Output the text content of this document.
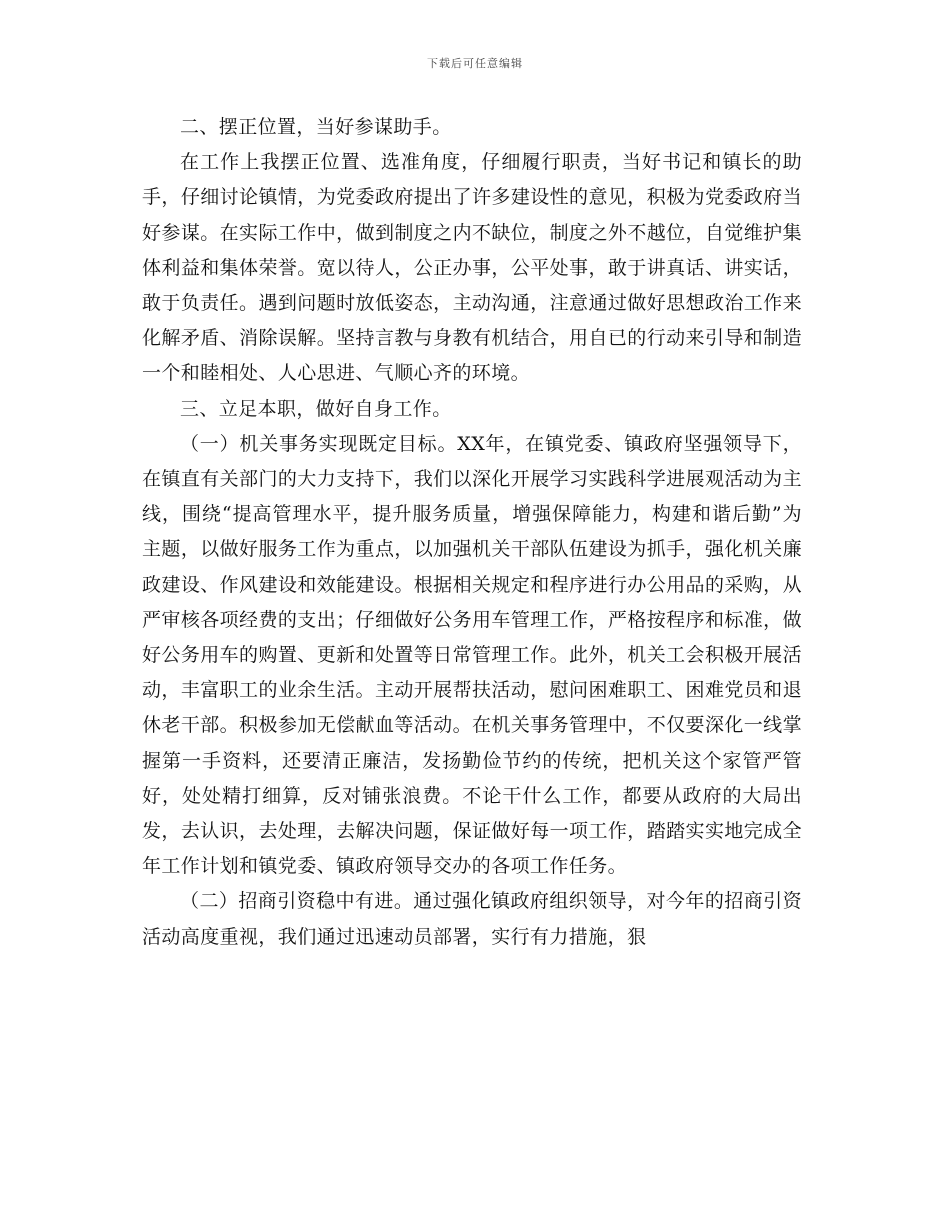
下载后可任意编辑

二、摆正位置，当好参谋助手。

在工作上我摆正位置、选准角度，仔细履行职责，当好书记和镇长的助手，仔细讨论镇情，为党委政府提出了许多建设性的意见，积极为党委政府当好参谋。在实际工作中，做到制度之内不缺位，制度之外不越位，自觉维护集体利益和集体荣誉。宽以待人，公正办事，公平处事，敢于讲真话、讲实话，敢于负责任。遇到问题时放低姿态，主动沟通，注意通过做好思想政治工作来化解矛盾、消除误解。坚持言教与身教有机结合，用自已的行动来引导和制造一个和睦相处、人心思进、气顺心齐的环境。

三、立足本职，做好自身工作。

（一）机关事务实现既定目标。XX年，在镇党委、镇政府坚强领导下，在镇直有关部门的大力支持下，我们以深化开展学习实践科学进展观活动为主线，围绕“提高管理水平，提升服务质量，增强保障能力，构建和谐后勤”为主题，以做好服务工作为重点，以加强机关干部队伍建设为抓手，强化机关廉政建设、作风建设和效能建设。根据相关规定和程序进行办公用品的采购，从严审核各项经费的支出；仔细做好公务用车管理工作，严格按程序和标准，做好公务用车的购置、更新和处置等日常管理工作。此外，机关工会积极开展活动，丰富职工的业余生活。主动开展帮扶活动，慰问困难职工、困难党员和退休老干部。积极参加无偿献血等活动。在机关事务管理中，不仅要深化一线掌握第一手资料，还要清正廉洁，发扬勤俭节约的传统，把机关这个家管严管好，处处精打细算，反对铺张浪费。不论干什么工作，都要从政府的大局出发，去认识，去处理，去解决问题，保证做好每一项工作，踏踏实实地完成全年工作计划和镇党委、镇政府领导交办的各项工作任务。

（二）招商引资稳中有进。通过强化镇政府组织领导，对今年的招商引资活动高度重视，我们通过迅速动员部署，实行有力措施，狠
